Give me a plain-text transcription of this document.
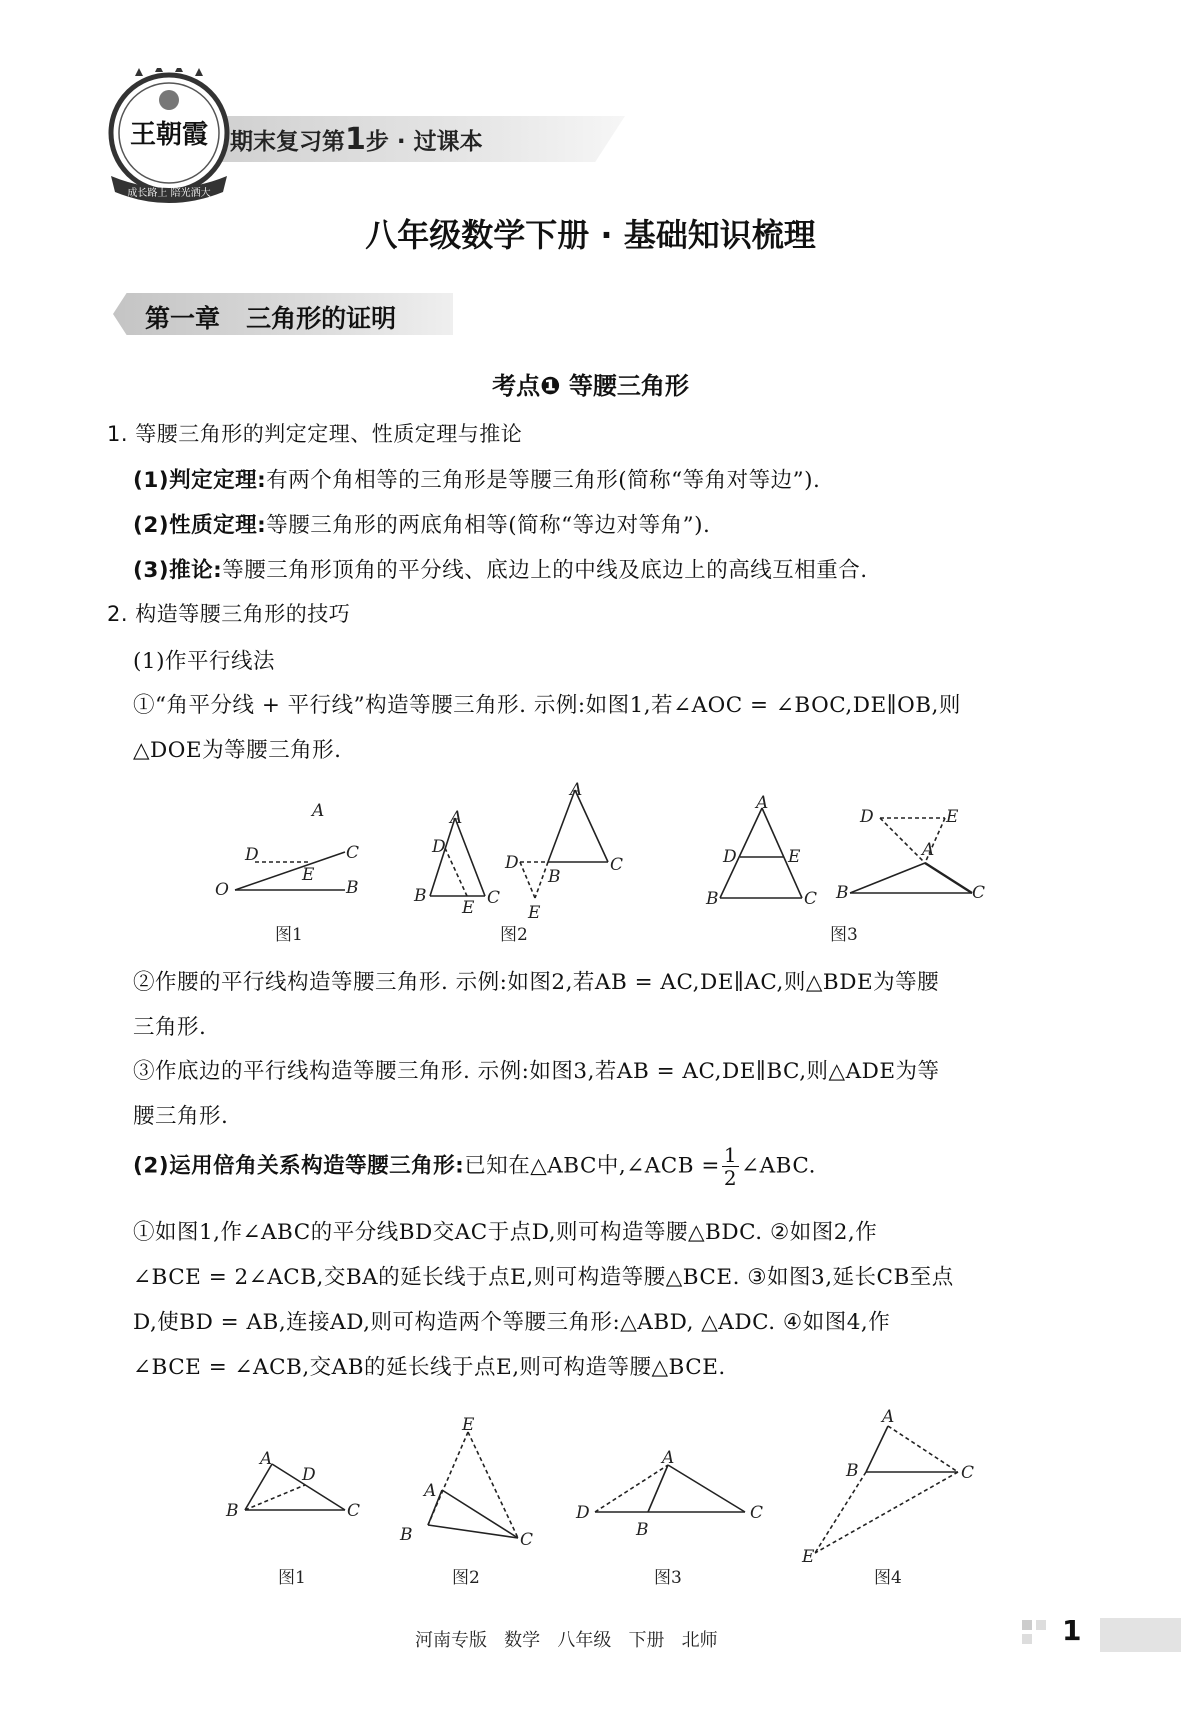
期末复习第1步 · 过课本
王朝霞
成长路上 陪光洒大
八年级数学下册 · 基础知识梳理
第一章   三角形的证明
考点❶ 等腰三角形
1. 等腰三角形的判定定理、性质定理与推论
(1)判定定理:有两个角相等的三角形是等腰三角形(简称“等角对等边”).
(2)性质定理:等腰三角形的两底角相等(简称“等边对等角”).
(3)推论:等腰三角形顶角的平分线、底边上的中线及底边上的高线互相重合.
2. 构造等腰三角形的技巧
(1)作平行线法
①“角平分线 + 平行线”构造等腰三角形. 示例:如图1,若∠AOC = ∠BOC,DE∥OB,则
△DOE为等腰三角形.
A
C
D
E
O	B
A
D
B
E C
A
D
B
C
E
A
D	E
B	C
D	E
A
B	C
图1	图2	图3
②作腰的平行线构造等腰三角形. 示例:如图2,若AB = AC,DE∥AC,则△BDE为等腰
三角形.
③作底边的平行线构造等腰三角形. 示例:如图3,若AB = AC,DE∥BC,则△ADE为等
腰三角形.
(2)运用倍角关系构造等腰三角形:已知在△ABC中,∠ACB = $\frac{1}{2}$ ∠ABC.
①如图1,作∠ABC的平分线BD交AC于点D,则可构造等腰△BDC. ②如图2,作
∠BCE = 2∠ACB,交BA的延长线于点E,则可构造等腰△BCE. ③如图3,延长CB至点
D,使BD = AB,连接AD,则可构造两个等腰三角形:△ABD, △ADC. ④如图4,作
∠BCE = ∠ACB,交AB的延长线于点E,则可构造等腰△BCE.
A
D
B	C
E
A
B	C
A
D
B
C
A
B	C
E
图1	图2	图3	图4
河南专版   数学   八年级   下册   北师	1
